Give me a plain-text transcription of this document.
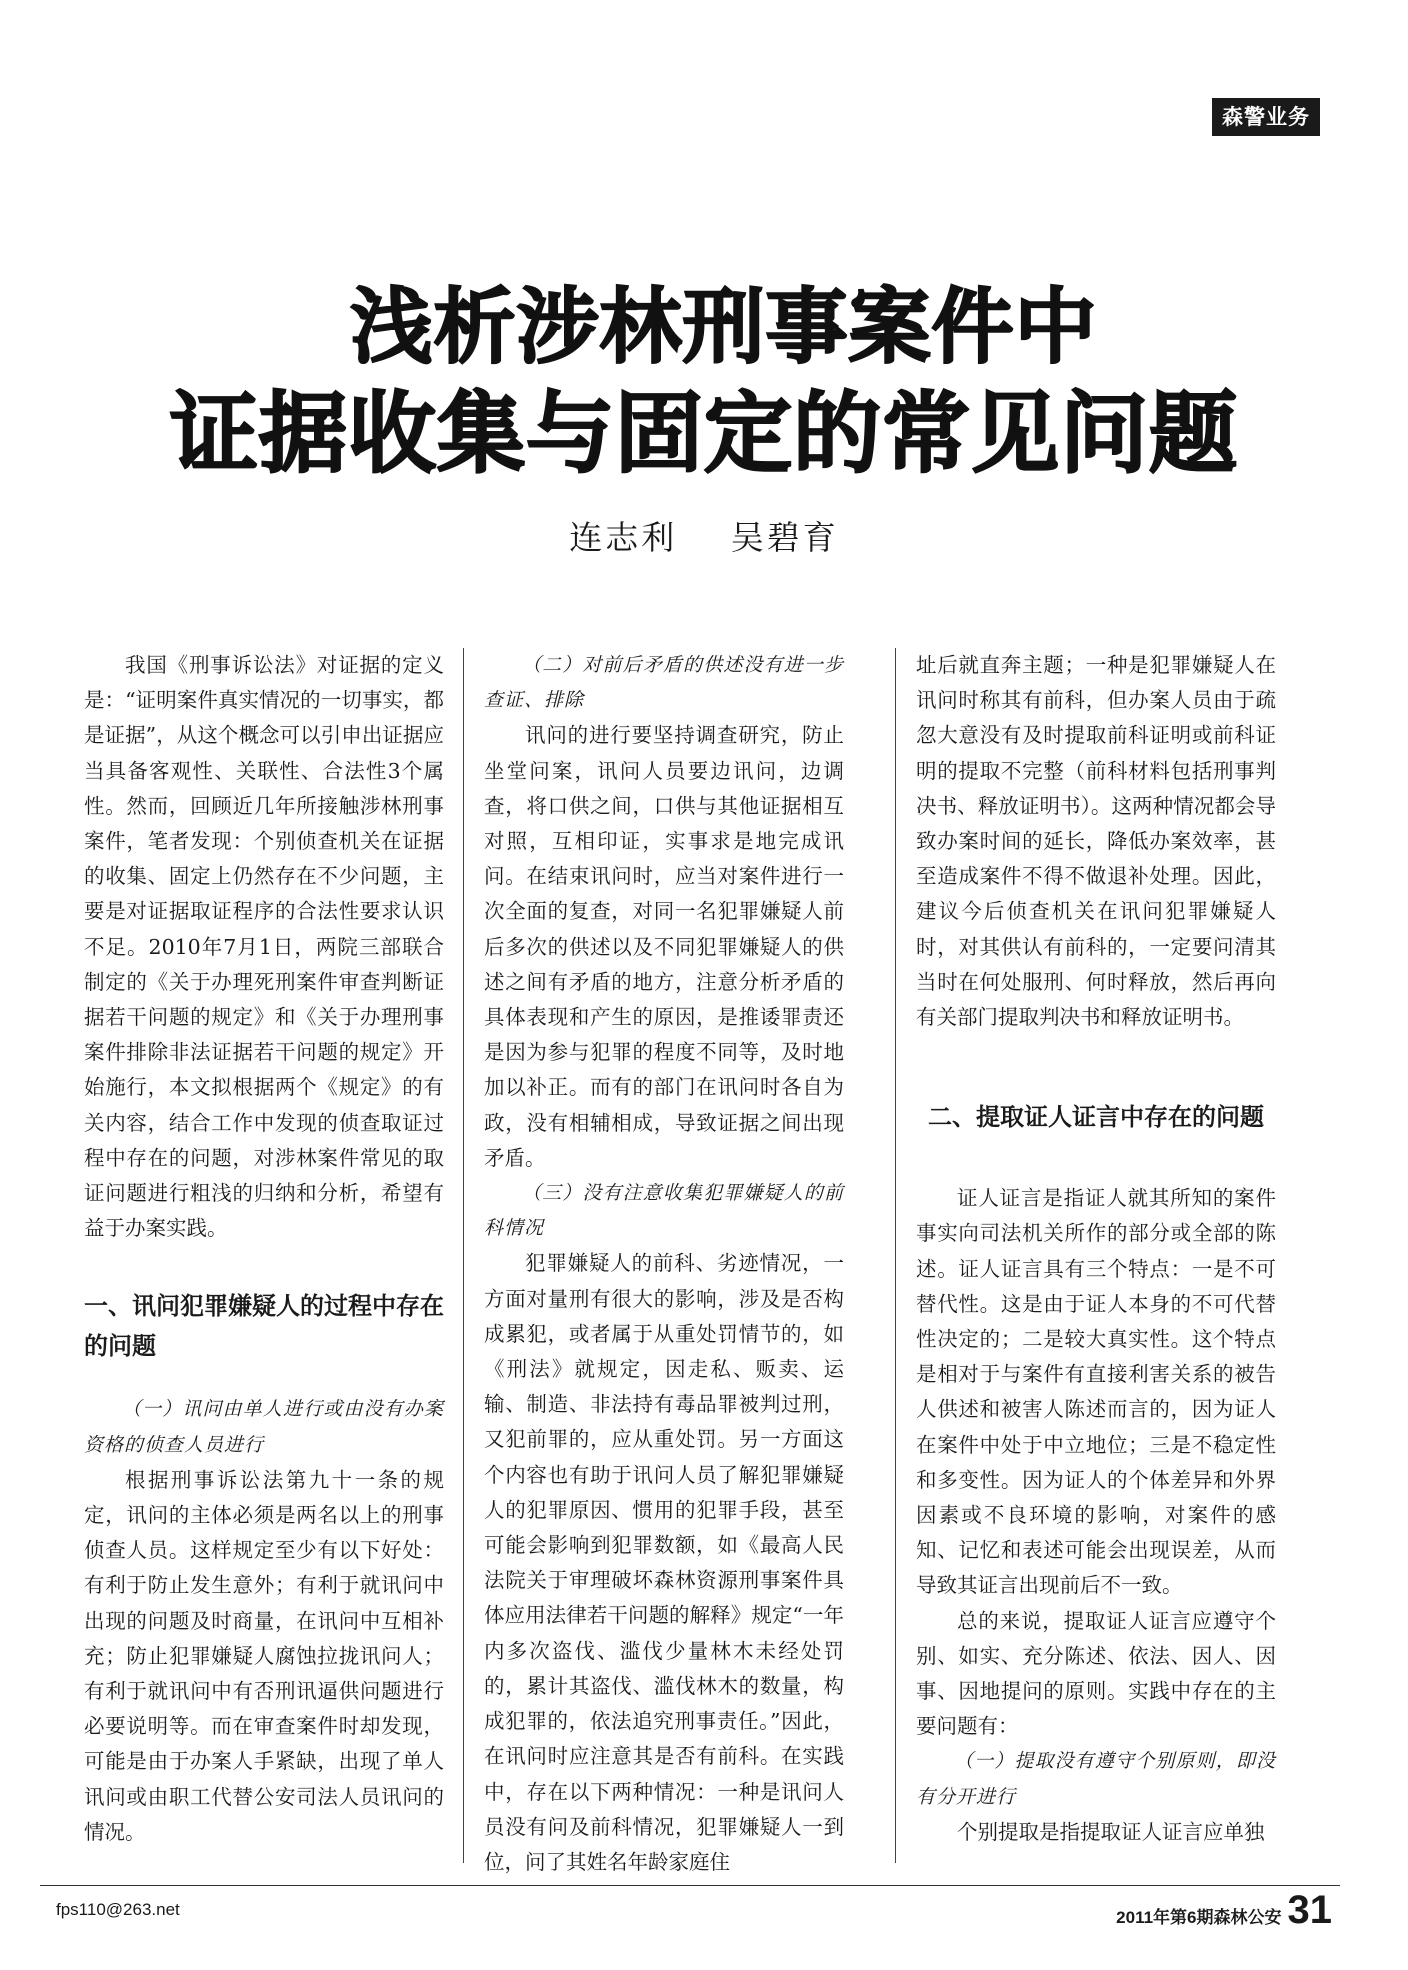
森警业务
浅析涉林刑事案件中
证据收集与固定的常见问题
连志利 吴碧育

我国《刑事诉讼法》对证据的定义是：“证明案件真实情况的一切事实，都是证据”，从这个概念可以引申出证据应当具备客观性、关联性、合法性3个属性。然而，回顾近几年所接触涉林刑事案件，笔者发现：个别侦查机关在证据的收集、固定上仍然存在不少问题，主要是对证据取证程序的合法性要求认识不足。2010年7月1日，两院三部联合制定的《关于办理死刑案件审查判断证据若干问题的规定》和《关于办理刑事案件排除非法证据若干问题的规定》开始施行，本文拟根据两个《规定》的有关内容，结合工作中发现的侦查取证过程中存在的问题，对涉林案件常见的取证问题进行粗浅的归纳和分析，希望有益于办案实践。

一、讯问犯罪嫌疑人的过程中存在的问题

（一）讯问由单人进行或由没有办案资格的侦查人员进行

根据刑事诉讼法第九十一条的规定，讯问的主体必须是两名以上的刑事侦查人员。这样规定至少有以下好处：有利于防止发生意外；有利于就讯问中出现的问题及时商量，在讯问中互相补充；防止犯罪嫌疑人腐蚀拉拢讯问人；有利于就讯问中有否刑讯逼供问题进行必要说明等。而在审查案件时却发现，可能是由于办案人手紧缺，出现了单人讯问或由职工代替公安司法人员讯问的情况。

（二）对前后矛盾的供述没有进一步查证、排除

讯问的进行要坚持调查研究，防止坐堂问案，讯问人员要边讯问，边调查，将口供之间，口供与其他证据相互对照，互相印证，实事求是地完成讯问。在结束讯问时，应当对案件进行一次全面的复查，对同一名犯罪嫌疑人前后多次的供述以及不同犯罪嫌疑人的供述之间有矛盾的地方，注意分析矛盾的具体表现和产生的原因，是推诿罪责还是因为参与犯罪的程度不同等，及时地加以补正。而有的部门在讯问时各自为政，没有相辅相成，导致证据之间出现矛盾。

（三）没有注意收集犯罪嫌疑人的前科情况

犯罪嫌疑人的前科、劣迹情况，一方面对量刑有很大的影响，涉及是否构成累犯，或者属于从重处罚情节的，如《刑法》就规定，因走私、贩卖、运输、制造、非法持有毒品罪被判过刑，又犯前罪的，应从重处罚。另一方面这个内容也有助于讯问人员了解犯罪嫌疑人的犯罪原因、惯用的犯罪手段，甚至可能会影响到犯罪数额，如《最高人民法院关于审理破坏森林资源刑事案件具体应用法律若干问题的解释》规定“一年内多次盗伐、滥伐少量林木未经处罚的，累计其盗伐、滥伐林木的数量，构成犯罪的，依法追究刑事责任。”因此，在讯问时应注意其是否有前科。在实践中，存在以下两种情况：一种是讯问人员没有问及前科情况，犯罪嫌疑人一到位，问了其姓名年龄家庭住

址后就直奔主题；一种是犯罪嫌疑人在讯问时称其有前科，但办案人员由于疏忽大意没有及时提取前科证明或前科证明的提取不完整（前科材料包括刑事判决书、释放证明书）。这两种情况都会导致办案时间的延长，降低办案效率，甚至造成案件不得不做退补处理。因此，建议今后侦查机关在讯问犯罪嫌疑人时，对其供认有前科的，一定要问清其当时在何处服刑、何时释放，然后再向有关部门提取判决书和释放证明书。

二、提取证人证言中存在的问题

证人证言是指证人就其所知的案件事实向司法机关所作的部分或全部的陈述。证人证言具有三个特点：一是不可替代性。这是由于证人本身的不可代替性决定的；二是较大真实性。这个特点是相对于与案件有直接利害关系的被告人供述和被害人陈述而言的，因为证人在案件中处于中立地位；三是不稳定性和多变性。因为证人的个体差异和外界因素或不良环境的影响，对案件的感知、记忆和表述可能会出现误差，从而导致其证言出现前后不一致。

总的来说，提取证人证言应遵守个别、如实、充分陈述、依法、因人、因事、因地提问的原则。实践中存在的主要问题有：

（一）提取没有遵守个别原则，即没有分开进行

个别提取是指提取证人证言应单独

fps110@263.net	2011年第6期森林公安 31
